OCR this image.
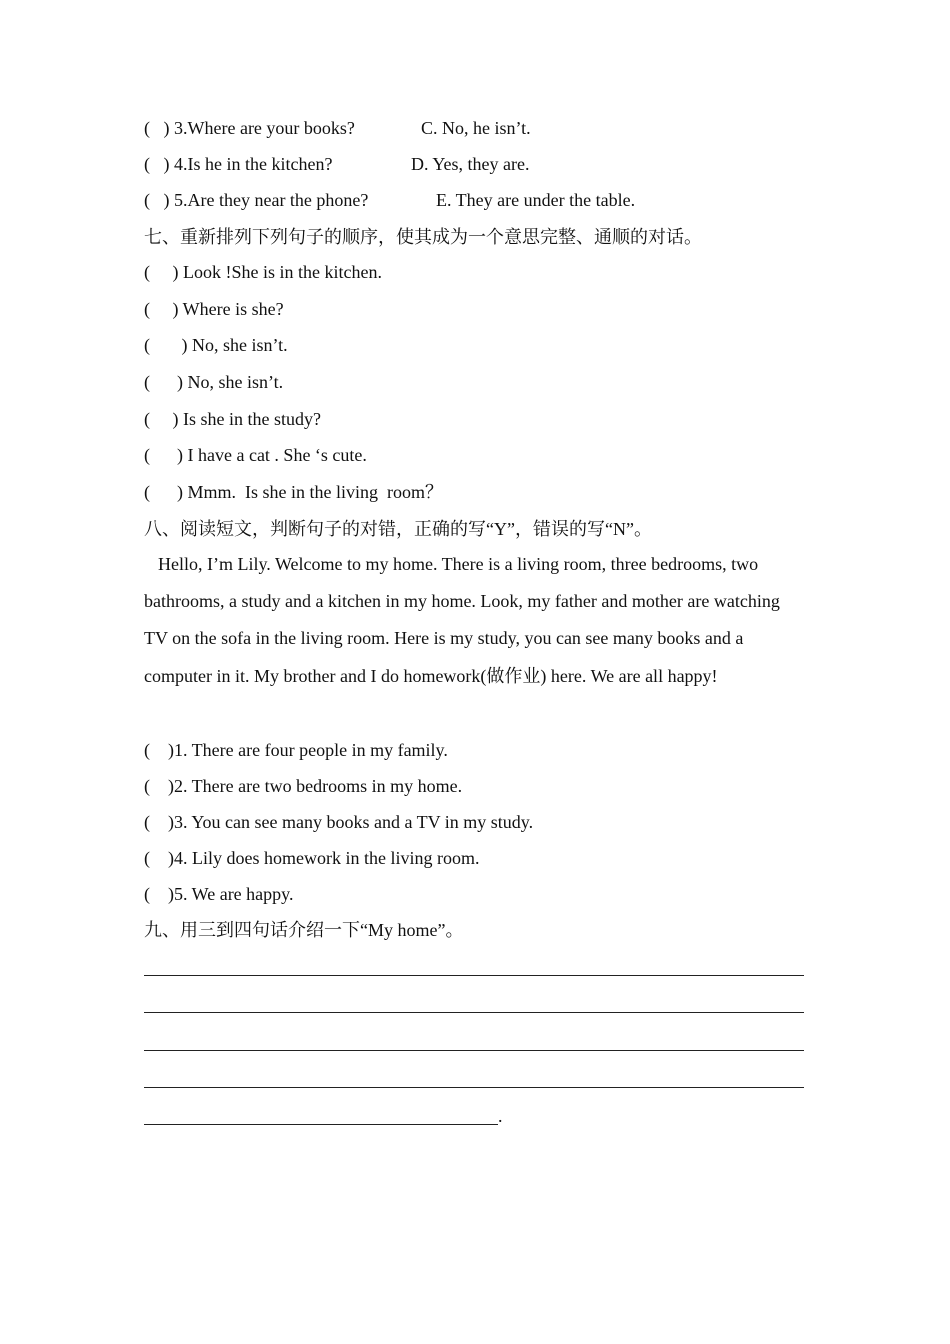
(   ) 3.Where are your books?	C. No, he isn’t.
(   ) 4.Is he in the kitchen?	D. Yes, they are.
(   ) 5.Are they near the phone?	E. They are under the table.
七、重新排列下列句子的顺序，使其成为一个意思完整、通顺的对话。
(     ) Look !She is in the kitchen.
(     ) Where is she?
(       ) No, she isn’t.
(      ) No, she isn’t.
(     ) Is she in the study?
(      ) I have a cat . She ‘s cute.
(      ) Mmm.  Is she in the living  room？
八、阅读短文，判断句子的对错，正确的写“Y”，错误的写“N”。
Hello, I’m Lily. Welcome to my home. There is a living room, three bedrooms, two bathrooms, a study and a kitchen in my home. Look, my father and mother are watching TV on the sofa in the living room. Here is my study, you can see many books and a computer in it. My brother and I do homework(做作业) here. We are all happy!
(    )1. There are four people in my family.
(    )2. There are two bedrooms in my home.
(    )3. You can see many books and a TV in my study.
(    )4. Lily does homework in the living room.
(    )5. We are happy.
九、用三到四句话介绍一下“My home”。
.
